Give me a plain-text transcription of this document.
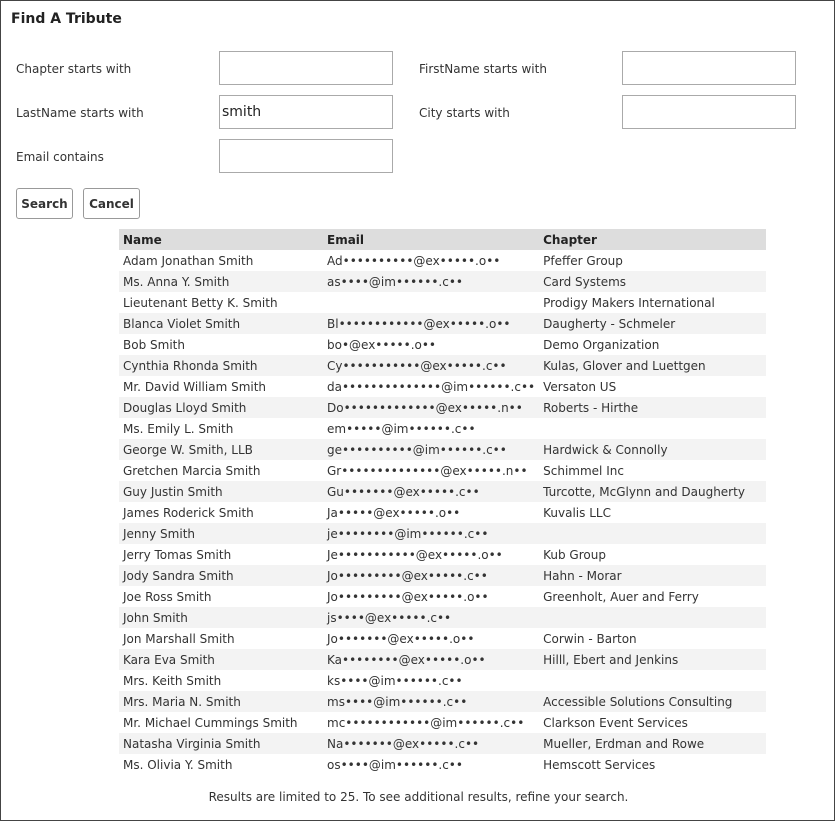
Find A Tribute
Chapter starts with	FirstName starts with
LastName starts with
smith	City starts with
Email contains
Search	Cancel
Name	Email	Chapter
Adam Jonathan Smith	Ad••••••••••@ex•••••.o••	Pfeffer Group
Ms. Anna Y. Smith	as••••@im••••••.c••	Card Systems
Lieutenant Betty K. Smith		Prodigy Makers International
Blanca Violet Smith	Bl••••••••••••@ex•••••.o••	Daugherty - Schmeler
Bob Smith	bo•@ex•••••.o••	Demo Organization
Cynthia Rhonda Smith	Cy•••••••••••@ex•••••.c••	Kulas, Glover and Luettgen
Mr. David William Smith	da••••••••••••••@im••••••.c••	Versaton US
Douglas Lloyd Smith	Do•••••••••••••@ex•••••.n••	Roberts - Hirthe
Ms. Emily L. Smith	em•••••@im••••••.c••	
George W. Smith, LLB	ge••••••••••@im••••••.c••	Hardwick & Connolly
Gretchen Marcia Smith	Gr••••••••••••••@ex•••••.n••	Schimmel Inc
Guy Justin Smith	Gu•••••••@ex•••••.c••	Turcotte, McGlynn and Daugherty
James Roderick Smith	Ja•••••@ex•••••.o••	Kuvalis LLC
Jenny Smith	je••••••••@im••••••.c••	
Jerry Tomas Smith	Je•••••••••••@ex•••••.o••	Kub Group
Jody Sandra Smith	Jo•••••••••@ex•••••.c••	Hahn - Morar
Joe Ross Smith	Jo•••••••••@ex•••••.o••	Greenholt, Auer and Ferry
John Smith	js••••@ex•••••.c••	
Jon Marshall Smith	Jo•••••••@ex•••••.o••	Corwin - Barton
Kara Eva Smith	Ka••••••••@ex•••••.o••	Hilll, Ebert and Jenkins
Mrs. Keith Smith	ks••••@im••••••.c••	
Mrs. Maria N. Smith	ms••••@im••••••.c••	Accessible Solutions Consulting
Mr. Michael Cummings Smith	mc••••••••••••@im••••••.c••	Clarkson Event Services
Natasha Virginia Smith	Na•••••••@ex•••••.c••	Mueller, Erdman and Rowe
Ms. Olivia Y. Smith	os••••@im••••••.c••	Hemscott Services
Results are limited to 25. To see additional results, refine your search.
